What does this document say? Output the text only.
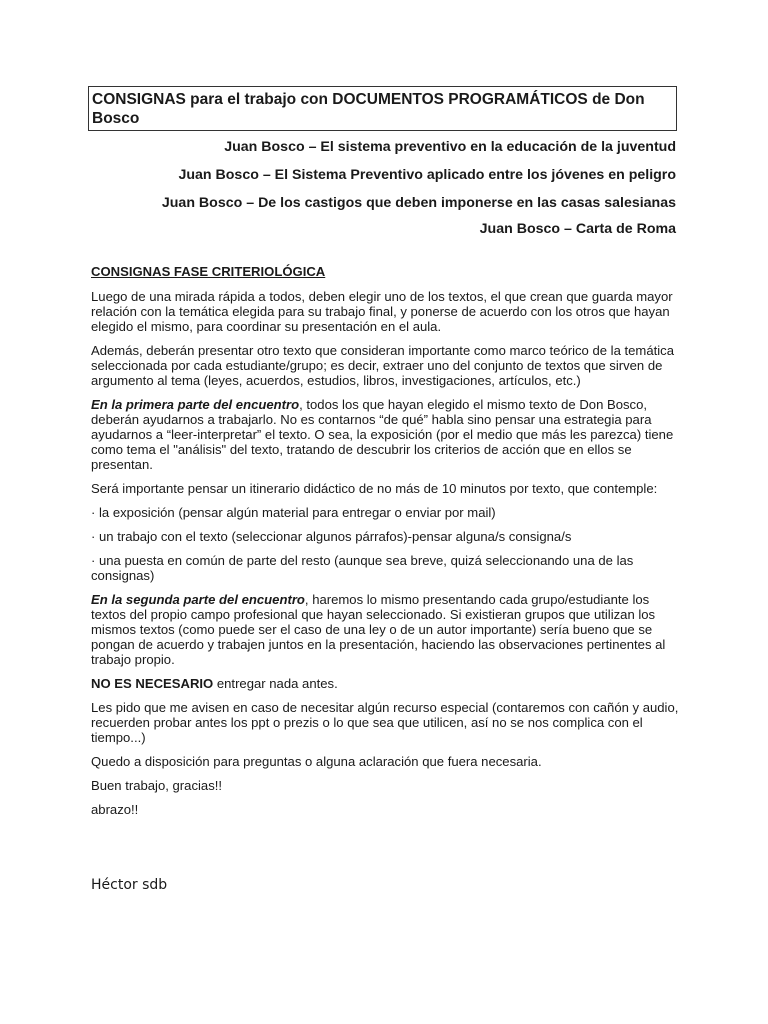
CONSIGNAS para el trabajo con DOCUMENTOS PROGRAMÁTICOS de Don Bosco
Juan Bosco – El sistema preventivo en la educación de la juventud
Juan Bosco – El Sistema Preventivo aplicado entre los jóvenes en peligro
Juan Bosco – De los castigos que deben imponerse en las casas salesianas
Juan Bosco – Carta de Roma

CONSIGNAS FASE CRITERIOLÓGICA

Luego de una mirada rápida a todos, deben elegir uno de los textos, el que crean que guarda mayor relación con la temática elegida para su trabajo final, y ponerse de acuerdo con los otros que hayan elegido el mismo, para coordinar su presentación en el aula.

Además, deberán presentar otro texto que consideran importante como marco teórico de la temática seleccionada por cada estudiante/grupo; es decir, extraer uno del conjunto de textos que sirven de argumento al tema (leyes, acuerdos, estudios, libros, investigaciones, artículos, etc.)

En la primera parte del encuentro, todos los que hayan elegido el mismo texto de Don Bosco, deberán ayudarnos a trabajarlo. No es contarnos “de qué” habla sino pensar una estrategia para ayudarnos a “leer-interpretar” el texto. O sea, la exposición (por el medio que más les parezca) tiene como tema el "análisis" del texto, tratando de descubrir los criterios de acción que en ellos se presentan.

Será importante pensar un itinerario didáctico de no más de 10 minutos por texto, que contemple:

· la exposición (pensar algún material para entregar o enviar por mail)

· un trabajo con el texto (seleccionar algunos párrafos)-pensar alguna/s consigna/s

· una puesta en común de parte del resto (aunque sea breve, quizá seleccionando una de las consignas)

En la segunda parte del encuentro, haremos lo mismo presentando cada grupo/estudiante los textos del propio campo profesional que hayan seleccionado. Si existieran grupos que utilizan los mismos textos (como puede ser el caso de una ley o de un autor importante) sería bueno que se pongan de acuerdo y trabajen juntos en la presentación, haciendo las observaciones pertinentes al trabajo propio.

NO ES NECESARIO entregar nada antes.

Les pido que me avisen en caso de necesitar algún recurso especial (contaremos con cañón y audio, recuerden probar antes los ppt o prezis o lo que sea que utilicen, así no se nos complica con el tiempo...)

Quedo a disposición para preguntas o alguna aclaración que fuera necesaria.

Buen trabajo, gracias!!

abrazo!!

Héctor sdb
